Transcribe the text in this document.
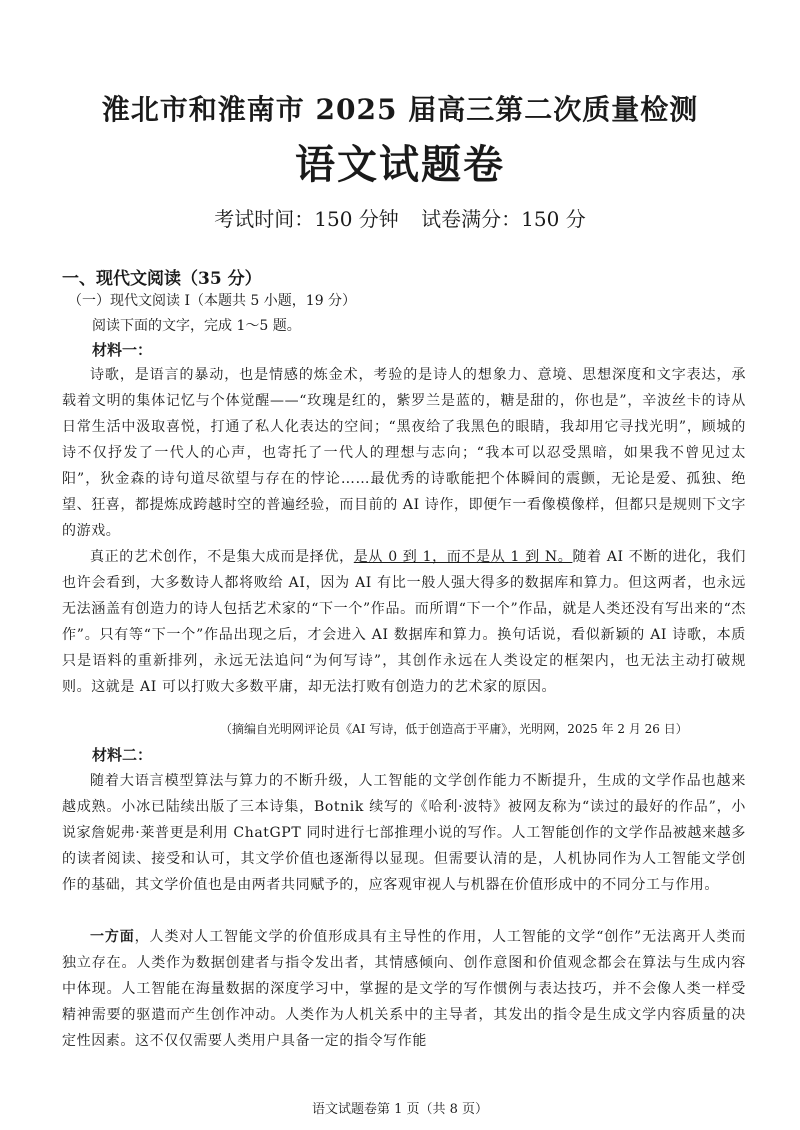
淮北市和淮南市 2025 届高三第二次质量检测
语文试题卷
考试时间：150 分钟 试卷满分：150 分
一、现代文阅读（35 分）
（一）现代文阅读 I（本题共 5 小题，19 分）
阅读下面的文字，完成 1～5 题。
材料一：

诗歌，是语言的暴动，也是情感的炼金术，考验的是诗人的想象力、意境、思想深度和文字表达，承载着文明的集体记忆与个体觉醒——“玫瑰是红的，紫罗兰是蓝的，糖是甜的，你也是”，辛波丝卡的诗从日常生活中汲取喜悦，打通了私人化表达的空间；“黑夜给了我黑色的眼睛，我却用它寻找光明”，顾城的诗不仅抒发了一代人的心声，也寄托了一代人的理想与志向；“我本可以忍受黑暗，如果我不曾见过太阳”，狄金森的诗句道尽欲望与存在的悖论……最优秀的诗歌能把个体瞬间的震颤，无论是爱、孤独、绝望、狂喜，都提炼成跨越时空的普遍经验，而目前的 AI 诗作，即便乍一看像模像样，但都只是规则下文字的游戏。

真正的艺术创作，不是集大成而是择优，是从 0 到 1，而不是从 1 到 N。随着 AI 不断的进化，我们也许会看到，大多数诗人都将败给 AI，因为 AI 有比一般人强大得多的数据库和算力。但这两者，也永远无法涵盖有创造力的诗人包括艺术家的“下一个”作品。而所谓“下一个”作品，就是人类还没有写出来的“杰作”。只有等“下一个”作品出现之后，才会进入 AI 数据库和算力。换句话说，看似新颖的 AI 诗歌，本质只是语料的重新排列，永远无法追问“为何写诗”，其创作永远在人类设定的框架内，也无法主动打破规则。这就是 AI 可以打败大多数平庸，却无法打败有创造力的艺术家的原因。

（摘编自光明网评论员《AI 写诗，低于创造高于平庸》，光明网，2025 年 2 月 26 日）
材料二：

随着大语言模型算法与算力的不断升级，人工智能的文学创作能力不断提升，生成的文学作品也越来越成熟。小冰已陆续出版了三本诗集，Botnik 续写的《哈利·波特》被网友称为“读过的最好的作品”，小说家詹妮弗·莱普更是利用 ChatGPT 同时进行七部推理小说的写作。人工智能创作的文学作品被越来越多的读者阅读、接受和认可，其文学价值也逐渐得以显现。但需要认清的是，人机协同作为人工智能文学创作的基础，其文学价值也是由两者共同赋予的，应客观审视人与机器在价值形成中的不同分工与作用。

一方面，人类对人工智能文学的价值形成具有主导性的作用，人工智能的文学“创作”无法离开人类而独立存在。人类作为数据创建者与指令发出者，其情感倾向、创作意图和价值观念都会在算法与生成内容中体现。人工智能在海量数据的深度学习中，掌握的是文学的写作惯例与表达技巧，并不会像人类一样受精神需要的驱遣而产生创作冲动。人类作为人机关系中的主导者，其发出的指令是生成文学内容质量的决定性因素。这不仅仅需要人类用户具备一定的指令写作能

语文试题卷第 1 页（共 8 页）
